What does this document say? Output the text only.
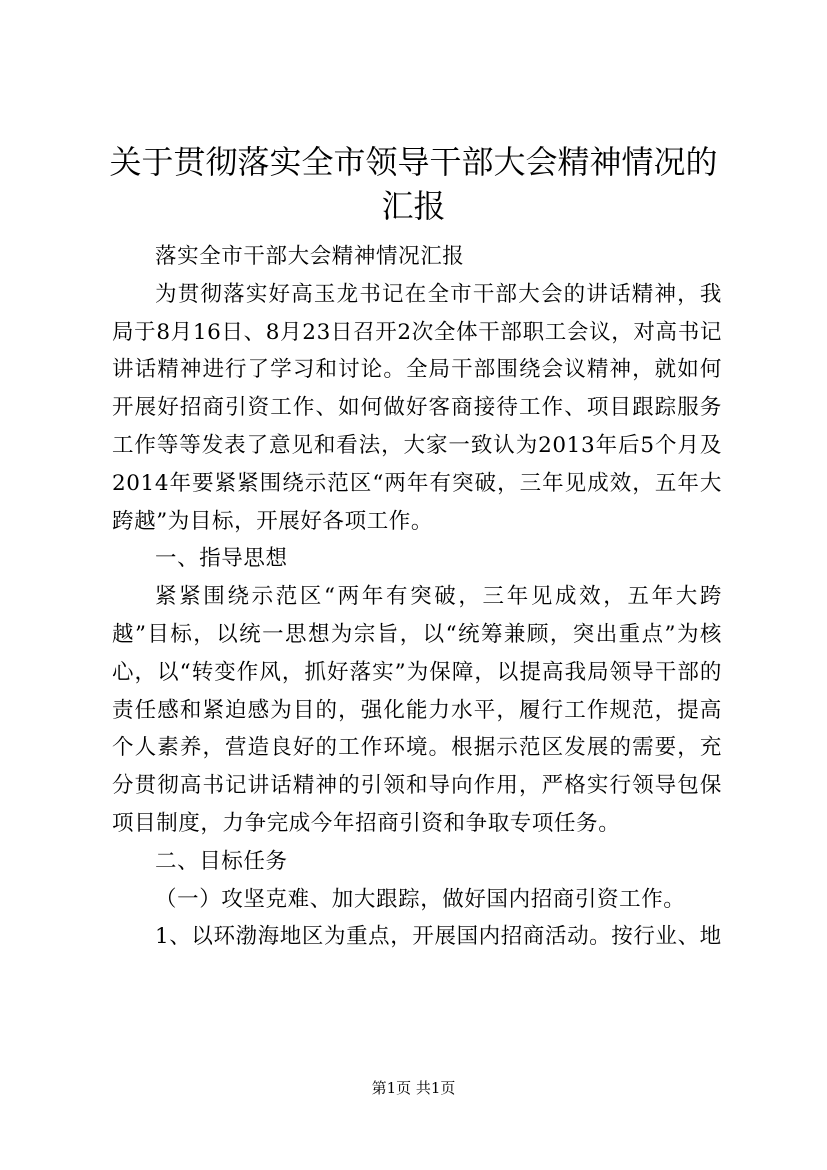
关于贯彻落实全市领导干部大会精神情况的汇报

落实全市干部大会精神情况汇报

为贯彻落实好高玉龙书记在全市干部大会的讲话精神，我局于8月16日、8月23日召开2次全体干部职工会议，对高书记讲话精神进行了学习和讨论。全局干部围绕会议精神，就如何开展好招商引资工作、如何做好客商接待工作、项目跟踪服务工作等等发表了意见和看法，大家一致认为2013年后5个月及2014年要紧紧围绕示范区“两年有突破，三年见成效，五年大跨越”为目标，开展好各项工作。

一、指导思想

紧紧围绕示范区“两年有突破，三年见成效，五年大跨越”目标，以统一思想为宗旨，以“统筹兼顾，突出重点”为核心，以“转变作风，抓好落实”为保障，以提高我局领导干部的责任感和紧迫感为目的，强化能力水平，履行工作规范，提高个人素养，营造良好的工作环境。根据示范区发展的需要，充分贯彻高书记讲话精神的引领和导向作用，严格实行领导包保项目制度，力争完成今年招商引资和争取专项任务。

二、目标任务

（一）攻坚克难、加大跟踪，做好国内招商引资工作。

1、以环渤海地区为重点，开展国内招商活动。按行业、地

第1页 共1页
